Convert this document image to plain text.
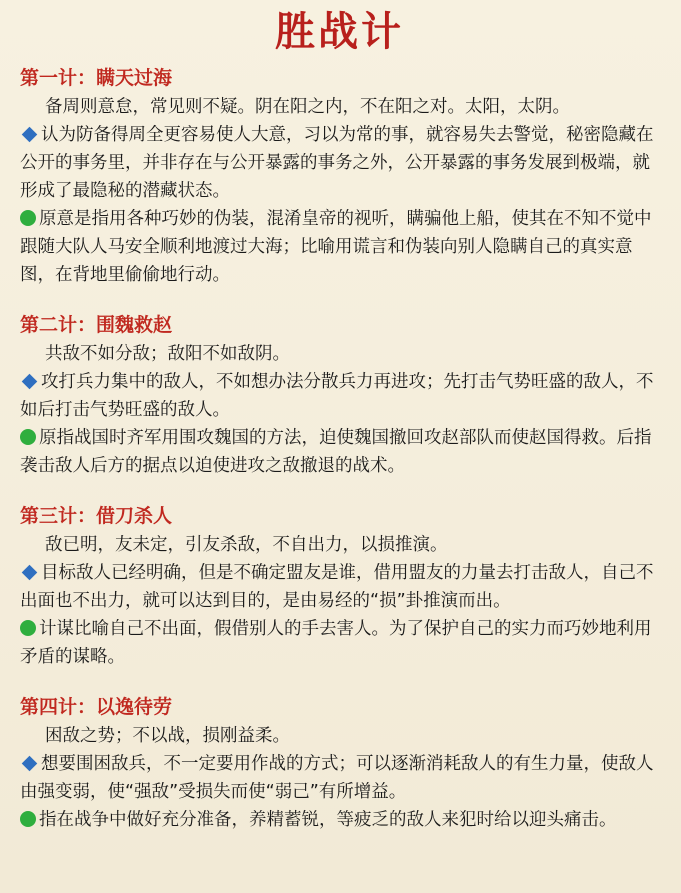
胜战计
第一计：瞒天过海

备周则意怠，常见则不疑。阴在阳之内，不在阳之对。太阳，太阴。

认为防备得周全更容易使人大意，习以为常的事，就容易失去警觉，秘密隐藏在公开的事务里，并非存在与公开暴露的事务之外，公开暴露的事务发展到极端，就形成了最隐秘的潜藏状态。

原意是指用各种巧妙的伪装，混淆皇帝的视听，瞒骗他上船，使其在不知不觉中跟随大队人马安全顺利地渡过大海；比喻用谎言和伪装向别人隐瞒自己的真实意图，在背地里偷偷地行动。

第二计：围魏救赵

共敌不如分敌；敌阳不如敌阴。

攻打兵力集中的敌人，不如想办法分散兵力再进攻；先打击气势旺盛的敌人，不如后打击气势旺盛的敌人。

原指战国时齐军用围攻魏国的方法，迫使魏国撤回攻赵部队而使赵国得救。后指袭击敌人后方的据点以迫使进攻之敌撤退的战术。

第三计：借刀杀人

敌已明，友未定，引友杀敌，不自出力，以损推演。

目标敌人已经明确，但是不确定盟友是谁，借用盟友的力量去打击敌人，自己不出面也不出力，就可以达到目的，是由易经的“损”卦推演而出。

计谋比喻自己不出面，假借别人的手去害人。为了保护自己的实力而巧妙地利用矛盾的谋略。

第四计：以逸待劳

困敌之势；不以战，损刚益柔。

想要围困敌兵，不一定要用作战的方式；可以逐渐消耗敌人的有生力量，使敌人由强变弱，使“强敌”受损失而使“弱己”有所增益。

指在战争中做好充分准备，养精蓄锐，等疲乏的敌人来犯时给以迎头痛击。
